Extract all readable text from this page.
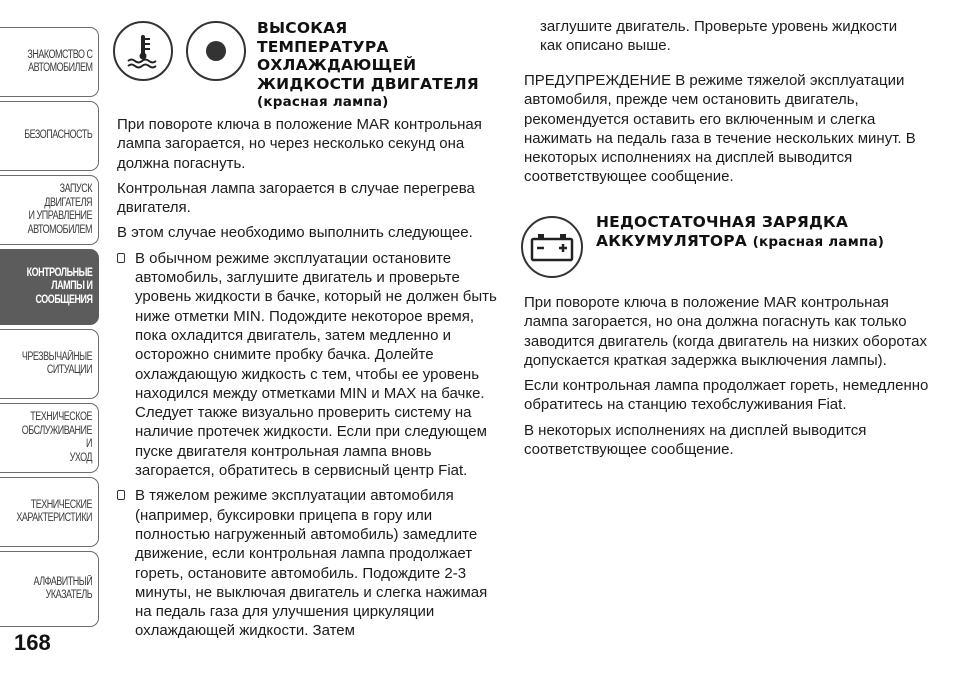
ЗНАКОМСТВО С
АВТОМОБИЛЕМ
БЕЗОПАСНОСТЬ
ЗАПУСК ДВИГАТЕЛЯ
И УПРАВЛЕНИЕ
АВТОМОБИЛЕМ
КОНТРОЛЬНЫЕ
ЛАМПЫ И
СООБЩЕНИЯ
ЧРЕЗВЫЧАЙНЫЕ
СИТУАЦИИ
ТЕХНИЧЕСКОЕ
ОБСЛУЖИВАНИЕ И
УХОД
ТЕХНИЧЕСКИЕ
ХАРАКТЕРИСТИКИ
АЛФАВИТНЫЙ
УКАЗАТЕЛЬ
168
ВЫСОКАЯ
ТЕМПЕРАТУРА
ОХЛАЖДАЮЩЕЙ
ЖИДКОСТИ ДВИГАТЕЛЯ
(красная лампа)

При повороте ключа в положение MAR контрольная лампа загорается, но через несколько секунд она должна погаснуть.

Контрольная лампа загорается в случае перегрева двигателя.

В этом случае необходимо выполнить следующее.

В обычном режиме эксплуатации остановите автомобиль, заглушите двигатель и проверьте уровень жидкости в бачке, который не должен быть ниже отметки MIN. Подождите некоторое время, пока охладится двигатель, затем медленно и осторожно снимите пробку бачка. Долейте охлаждающую жидкость с тем, чтобы ее уровень находился между отметками MIN и MAX на бачке. Следует также визуально проверить систему на наличие протечек жидкости. Если при следующем пуске двигателя контрольная лампа вновь загорается, обратитесь в сервисный центр Fiat.
В тяжелом режиме эксплуатации автомобиля (например, буксировки прицепа в гору или полностью нагруженный автомобиль) замедлите движение, если контрольная лампа продолжает гореть, остановите автомобиль. Подождите 2-3 минуты, не выключая двигатель и слегка нажимая на педаль газа для улучшения циркуляции охлаждающей жидкости. Затем

заглушите двигатель. Проверьте уровень жидкости как описано выше.

ПРЕДУПРЕЖДЕНИЕ В режиме тяжелой эксплуатации автомобиля, прежде чем остановить двигатель, рекомендуется оставить его включенным и слегка нажимать на педаль газа в течение нескольких минут. В некоторых исполнениях на дисплей выводится соответствующее сообщение.

НЕДОСТАТОЧНАЯ ЗАРЯДКА
АККУМУЛЯТОРА (красная лампа)

При повороте ключа в положение MAR контрольная лампа загорается, но она должна погаснуть как только заводится двигатель (когда двигатель на низких оборотах допускается краткая задержка выключения лампы).

Если контрольная лампа продолжает гореть, немедленно обратитесь на станцию техобслуживания Fiat.

В некоторых исполнениях на дисплей выводится соответствующее сообщение.
